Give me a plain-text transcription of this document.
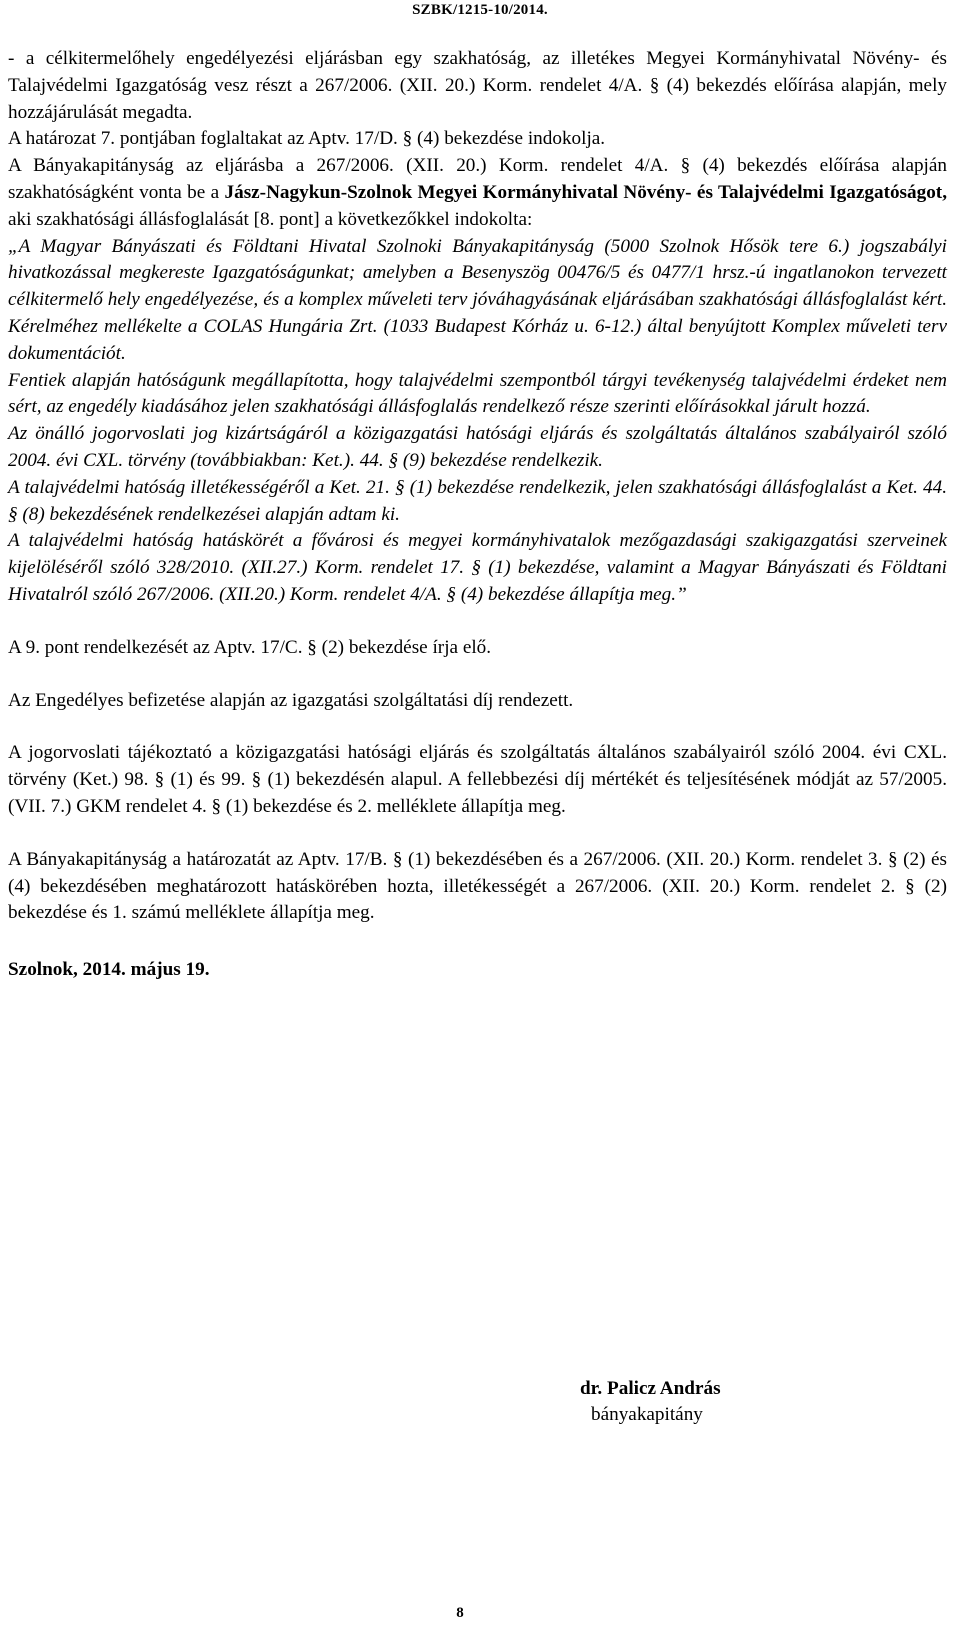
SZBK/1215-10/2014.

- a célkitermelőhely engedélyezési eljárásban egy szakhatóság, az illetékes Megyei Kormányhivatal Növény- és Talajvédelmi Igazgatóság vesz részt a 267/2006. (XII. 20.) Korm. rendelet 4/A. § (4) bekezdés előírása alapján, mely hozzájárulását megadta.

A határozat 7. pontjában foglaltakat az Aptv. 17/D. § (4) bekezdése indokolja.

A Bányakapitányság az eljárásba a 267/2006. (XII. 20.) Korm. rendelet 4/A. § (4) bekezdés előírása alapján szakhatóságként vonta be a Jász-Nagykun-Szolnok Megyei Kormányhivatal Növény- és Talajvédelmi Igazgatóságot, aki szakhatósági állásfoglalását [8. pont] a következőkkel indokolta:

„A Magyar Bányászati és Földtani Hivatal Szolnoki Bányakapitányság (5000 Szolnok Hősök tere 6.) jogszabályi hivatkozással megkereste Igazgatóságunkat; amelyben a Besenyszög 00476/5 és 0477/1 hrsz.-ú ingatlanokon tervezett célkitermelő hely engedélyezése, és a komplex műveleti terv jóváhagyásának eljárásában szakhatósági állásfoglalást kért. Kérelméhez mellékelte a COLAS Hungária Zrt. (1033 Budapest Kórház u. 6-12.) által benyújtott Komplex műveleti terv dokumentációt.

Fentiek alapján hatóságunk megállapította, hogy talajvédelmi szempontból tárgyi tevékenység talajvédelmi érdeket nem sért, az engedély kiadásához jelen szakhatósági állásfoglalás rendelkező része szerinti előírásokkal járult hozzá.

Az önálló jogorvoslati jog kizártságáról a közigazgatási hatósági eljárás és szolgáltatás általános szabályairól szóló 2004. évi CXL. törvény (továbbiakban: Ket.). 44. § (9) bekezdése rendelkezik.

A talajvédelmi hatóság illetékességéről a Ket. 21. § (1) bekezdése rendelkezik, jelen szakhatósági állásfoglalást a Ket. 44. § (8) bekezdésének rendelkezései alapján adtam ki.

A talajvédelmi hatóság hatáskörét a fővárosi és megyei kormányhivatalok mezőgazdasági szakigazgatási szerveinek kijelöléséről szóló 328/2010. (XII.27.) Korm. rendelet 17. § (1) bekezdése, valamint a Magyar Bányászati és Földtani Hivatalról szóló 267/2006. (XII.20.) Korm. rendelet 4/A. § (4) bekezdése állapítja meg.”

A 9. pont rendelkezését az Aptv. 17/C. § (2) bekezdése írja elő.

Az Engedélyes befizetése alapján az igazgatási szolgáltatási díj rendezett.

A jogorvoslati tájékoztató a közigazgatási hatósági eljárás és szolgáltatás általános szabályairól szóló 2004. évi CXL. törvény (Ket.) 98. § (1) és 99. § (1) bekezdésén alapul. A fellebbezési díj mértékét és teljesítésének módját az 57/2005. (VII. 7.) GKM rendelet 4. § (1) bekezdése és 2. melléklete állapítja meg.

A Bányakapitányság a határozatát az Aptv. 17/B. § (1) bekezdésében és a 267/2006. (XII. 20.) Korm. rendelet 3. § (2) és (4) bekezdésében meghatározott hatáskörében hozta, illetékességét a 267/2006. (XII. 20.) Korm. rendelet 2. § (2) bekezdése és 1. számú melléklete állapítja meg.

Szolnok, 2014. május 19.

dr. Palicz András
bányakapitány
8
